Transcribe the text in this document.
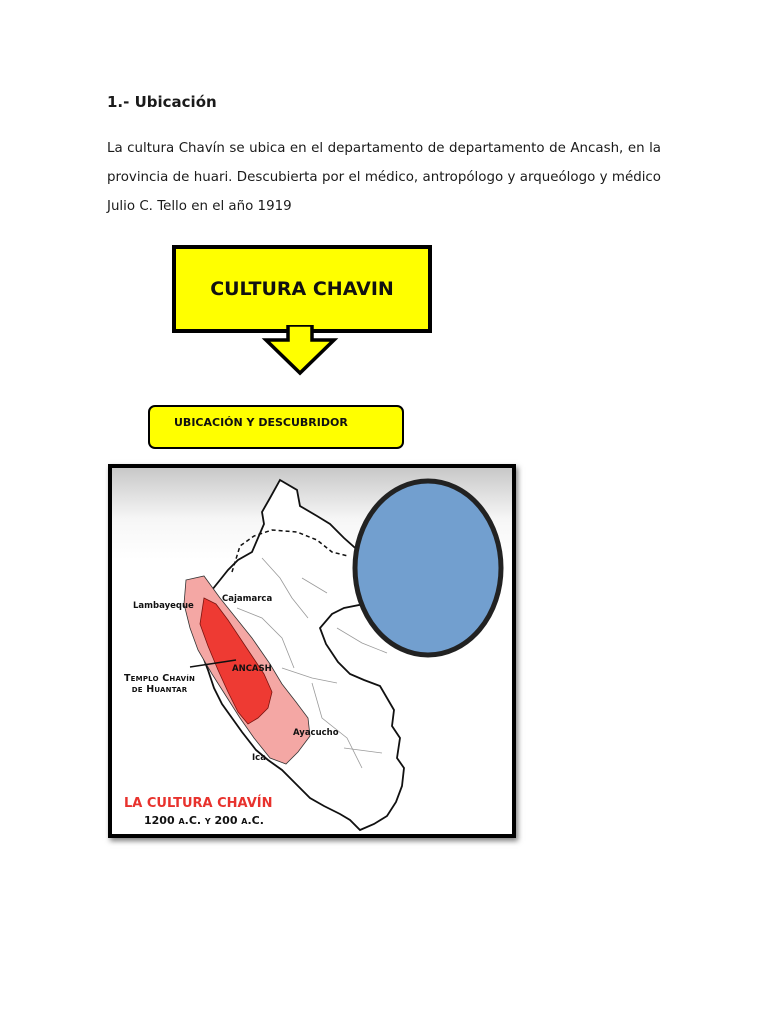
1.- Ubicación
La cultura Chavín se ubica en el departamento de departamento de Ancash, en la provincia de huari. Descubierta por el médico, antropólogo y arqueólogo y médico Julio C. Tello en el año 1919
CULTURA CHAVIN
UBICACIÓN Y DESCUBRIDOR
Lambayeque
Cajamarca
ANCASH
Templo Chavín
de Huantar
Ayacucho
Ica
LA CULTURA CHAVÍN
1200 a.C. y 200 a.C.
